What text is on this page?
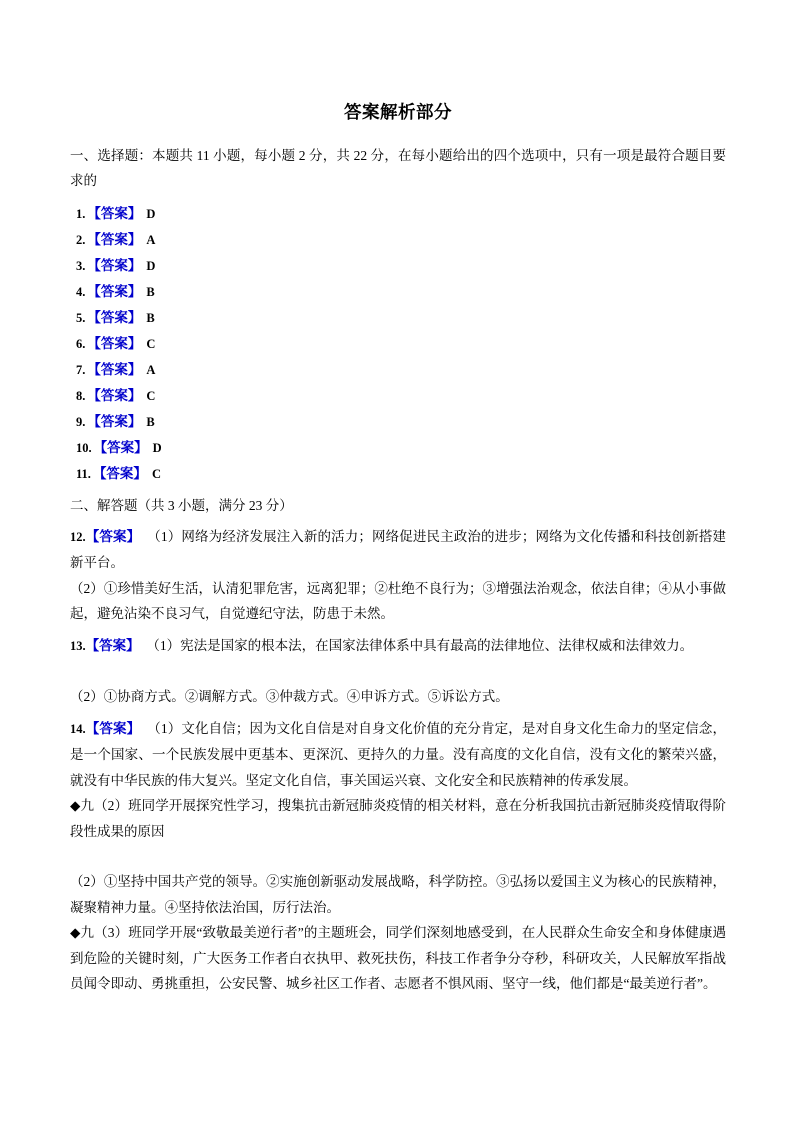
答案解析部分

一、选择题：本题共 11 小题，每小题 2 分，共 22 分，在每小题给出的四个选项中，只有一项是最符合题目要求的

1. 【答案】 D
2. 【答案】 A
3. 【答案】 D
4. 【答案】 B
5. 【答案】 B
6. 【答案】 C
7. 【答案】 A
8. 【答案】 C
9. 【答案】 B
10. 【答案】 D
11. 【答案】 C

二、解答题（共 3 小题，满分 23 分）

12.【答案】 （1）网络为经济发展注入新的活力；网络促进民主政治的进步；网络为文化传播和科技创新搭建新平台。

（2）①珍惜美好生活，认清犯罪危害，远离犯罪；②杜绝不良行为；③增强法治观念，依法自律；④从小事做起，避免沾染不良习气，自觉遵纪守法，防患于未然。

13.【答案】 （1）宪法是国家的根本法，在国家法律体系中具有最高的法律地位、法律权威和法律效力。

（2）①协商方式。②调解方式。③仲裁方式。④申诉方式。⑤诉讼方式。

14.【答案】 （1）文化自信；因为文化自信是对自身文化价值的充分肯定，是对自身文化生命力的坚定信念，是一个国家、一个民族发展中更基本、更深沉、更持久的力量。没有高度的文化自信，没有文化的繁荣兴盛，就没有中华民族的伟大复兴。坚定文化自信，事关国运兴衰、文化安全和民族精神的传承发展。

◆九（2）班同学开展探究性学习，搜集抗击新冠肺炎疫情的相关材料，意在分析我国抗击新冠肺炎疫情取得阶段性成果的原因

（2）①坚持中国共产党的领导。②实施创新驱动发展战略，科学防控。③弘扬以爱国主义为核心的民族精神，凝聚精神力量。④坚持依法治国，厉行法治。

◆九（3）班同学开展“致敬最美逆行者”的主题班会，同学们深刻地感受到，在人民群众生命安全和身体健康遇到危险的关键时刻，广大医务工作者白衣执甲、救死扶伤，科技工作者争分夺秒，科研攻关，人民解放军指战员闻令即动、勇挑重担，公安民警、城乡社区工作者、志愿者不惧风雨、坚守一线，他们都是“最美逆行者”。
